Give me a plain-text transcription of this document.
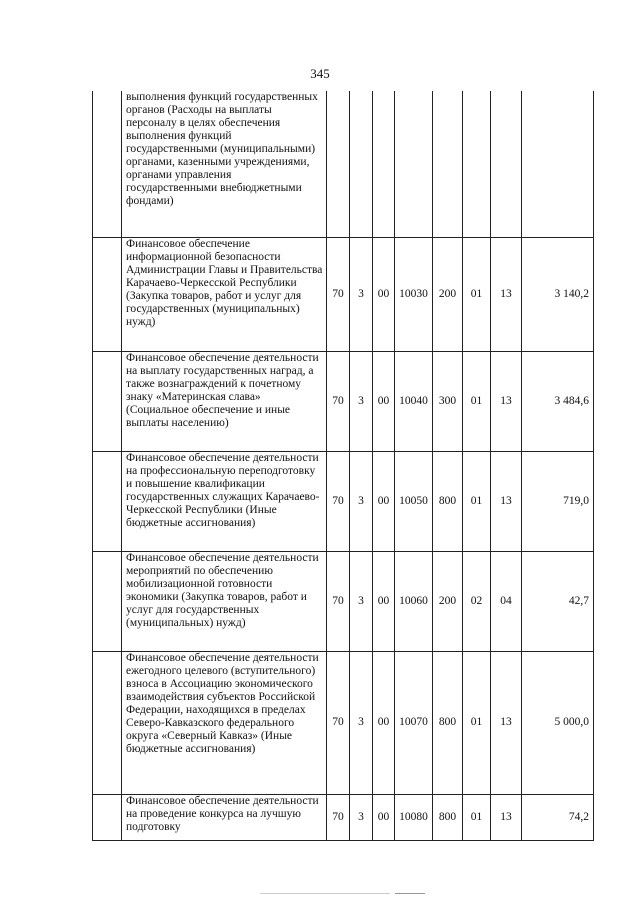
345
	выполнения функций государственных органов (Расходы на выплаты персоналу в целях обеспечения выполнения функций государственными (муниципальными) органами, казенными учреждениями, органами управления государственными внебюджетными фондами)								
	Финансовое обеспечение информационной безопасности Администрации Главы и Правительства Карачаево-Черкесской Республики (Закупка товаров, работ и услуг для государственных (муниципальных) нужд)	70	3	00	10030	200	01	13	3 140,2
	Финансовое обеспечение деятельности на выплату государственных наград, а также вознаграждений к почетному знаку «Материнская слава» (Социальное обеспечение и иные выплаты населению)	70	3	00	10040	300	01	13	3 484,6
	Финансовое обеспечение деятельности на профессиональную переподготовку и повышение квалификации государственных служащих Карачаево-Черкесской Республики (Иные бюджетные ассигнования)	70	3	00	10050	800	01	13	719,0
	Финансовое обеспечение деятельности мероприятий по обеспечению мобилизационной готовности экономики (Закупка товаров, работ и услуг для государственных (муниципальных) нужд)	70	3	00	10060	200	02	04	42,7
	Финансовое обеспечение деятельности ежегодного целевого (вступительного) взноса в Ассоциацию экономического взаимодействия субъектов Российской Федерации, находящихся в пределах Северо-Кавказского федерального округа «Северный Кавказ» (Иные бюджетные ассигнования)	70	3	00	10070	800	01	13	5 000,0
	Финансовое обеспечение деятельности на проведение конкурса на лучшую подготовку	70	3	00	10080	800	01	13	74,2
